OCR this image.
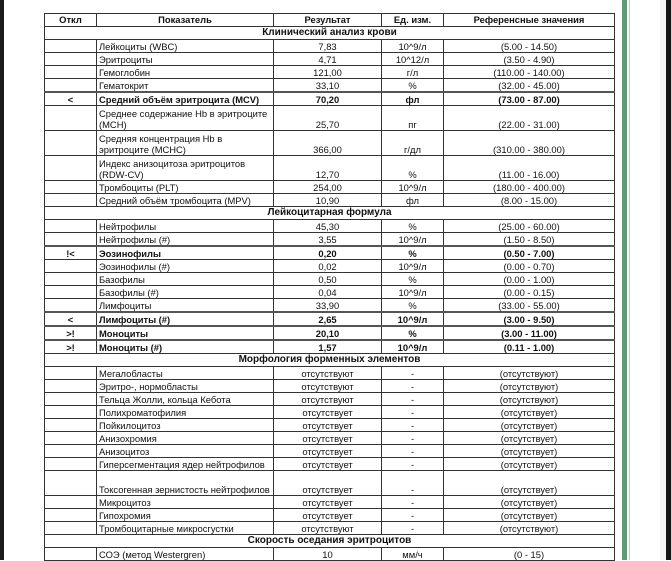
Откл	Показатель	Результат	Ед. изм.	Референсные значения
Клинический анализ крови				
	Лейкоциты (WBC)	7,83	10^9/л	(5.00 - 14.50)
	Эритроциты	4,71	10^12/л	(3.50 - 4.90)
	Гемоглобин	121,00	г/л	(110.00 - 140.00)
	Гематокрит	33,10	%	(32.00 - 45.00)
<	Средний объём эритроцита (MCV)	70,20	фл	(73.00 - 87.00)
	Среднее содержание Hb в эритроците (MCH)	25,70	пг	(22.00 - 31.00)
	Средняя концентрация Hb в эритроците (MCHC)	366,00	г/дл	(310.00 - 380.00)
	Индекс анизоцитоза эритроцитов (RDW-CV)	12,70	%	(11.00 - 16.00)
	Тромбоциты (PLT)	254,00	10^9/л	(180.00 - 400.00)
	Средний объём тромбоцита (MPV)	10,90	фл	(8.00 - 15.00)
Лейкоцитарная формула				
	Нейтрофилы	45,30	%	(25.00 - 60.00)
	Нейтрофилы (#)	3,55	10^9/л	(1.50 - 8.50)
!<	Эозинофилы	0,20	%	(0.50 - 7.00)
	Эозинофилы (#)	0,02	10^9/л	(0.00 - 0.70)
	Базофилы	0,50	%	(0.00 - 1.00)
	Базофилы (#)	0,04	10^9/л	(0.00 - 0.15)
	Лимфоциты	33,90	%	(33.00 - 55.00)
<	Лимфоциты (#)	2,65	10^9/л	(3.00 - 9.50)
>!	Моноциты	20,10	%	(3.00 - 11.00)
>!	Моноциты (#)	1,57	10^9/л	(0.11 - 1.00)
Морфология форменных элементов				
	Мегалобласты	отсутствуют	-	(отсутствуют)
	Эритро-, нормобласты	отсутствуют	-	(отсутствуют)
	Тельца Жолли, кольца Кебота	отсутствуют	-	(отсутствуют)
	Полихроматофилия	отсутствует	-	(отсутствует)
	Пойкилоцитоз	отсутствует	-	(отсутствует)
	Анизохромия	отсутствует	-	(отсутствует)
	Анизоцитоз	отсутствует	-	(отсутствует)
	Гиперсегментация ядер нейтрофилов	отсутствует	-	(отсутствует)
	Токсогенная зернистость нейтрофилов	отсутствует	-	(отсутствует)
	Микроцитоз	отсутствует	-	(отсутствует)
	Гипохромия	отсутствует	-	(отсутствует)
	Тромбоцитарные микросгустки	отсутствуют	-	(отсутствуют)
Скорость оседания эритроцитов				
	СОЭ (метод Westergren)	10	мм/ч	(0 - 15)
